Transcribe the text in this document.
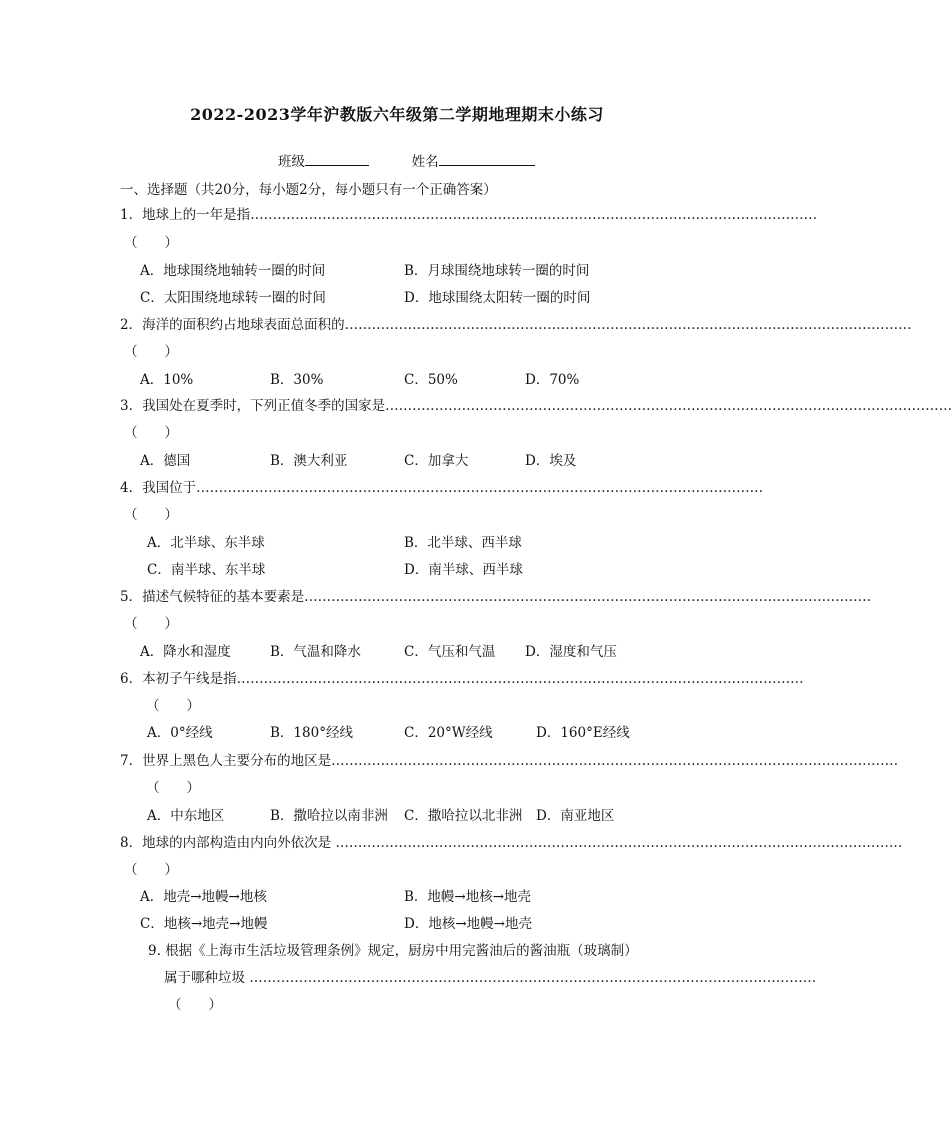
2022-2023学年沪教版六年级第二学期地理期末小练习
班级	姓名
一、选择题（共20分，每小题2分，每小题只有一个正确答案）
1．地球上的一年是指………………………………………………………………………………………………………………
（　　）
A．地球围绕地轴转一圈的时间	B．月球围绕地球转一圈的时间
C．太阳围绕地球转一圈的时间	D．地球围绕太阳转一圈的时间
2．海洋的面积约占地球表面总面积的………………………………………………………………………………………………………………
（　　）
A．10%	B．30%	C．50%	D．70%
3．我国处在夏季时，下列正值冬季的国家是………………………………………………………………………………………………………………
（　　）
A．德国	B．澳大利亚	C．加拿大	D．埃及
4．我国位于………………………………………………………………………………………………………………
（　　）
A．北半球、东半球	B．北半球、西半球
C．南半球、东半球	D．南半球、西半球
5．描述气候特征的基本要素是………………………………………………………………………………………………………………
（　　）
A．降水和湿度	B．气温和降水	C．气压和气温 D．湿度和气压
6．本初子午线是指………………………………………………………………………………………………………………
（　　）
A．0°经线	B．180°经线	C．20°W经线	D．160°E经线
7．世界上黑色人主要分布的地区是………………………………………………………………………………………………………………
（　　）
A．中东地区	B．撒哈拉以南非洲 C．撒哈拉以北非洲 D．南亚地区
8．地球的内部构造由内向外依次是 ………………………………………………………………………………………………………………
（　　）
A．地壳→地幔→地核	B．地幔→地核→地壳
C．地核→地壳→地幔	D．地核→地幔→地壳
9. 根据《上海市生活垃圾管理条例》规定，厨房中用完酱油后的酱油瓶（玻璃制）
属于哪种垃圾 ………………………………………………………………………………………………………………
（　　）
